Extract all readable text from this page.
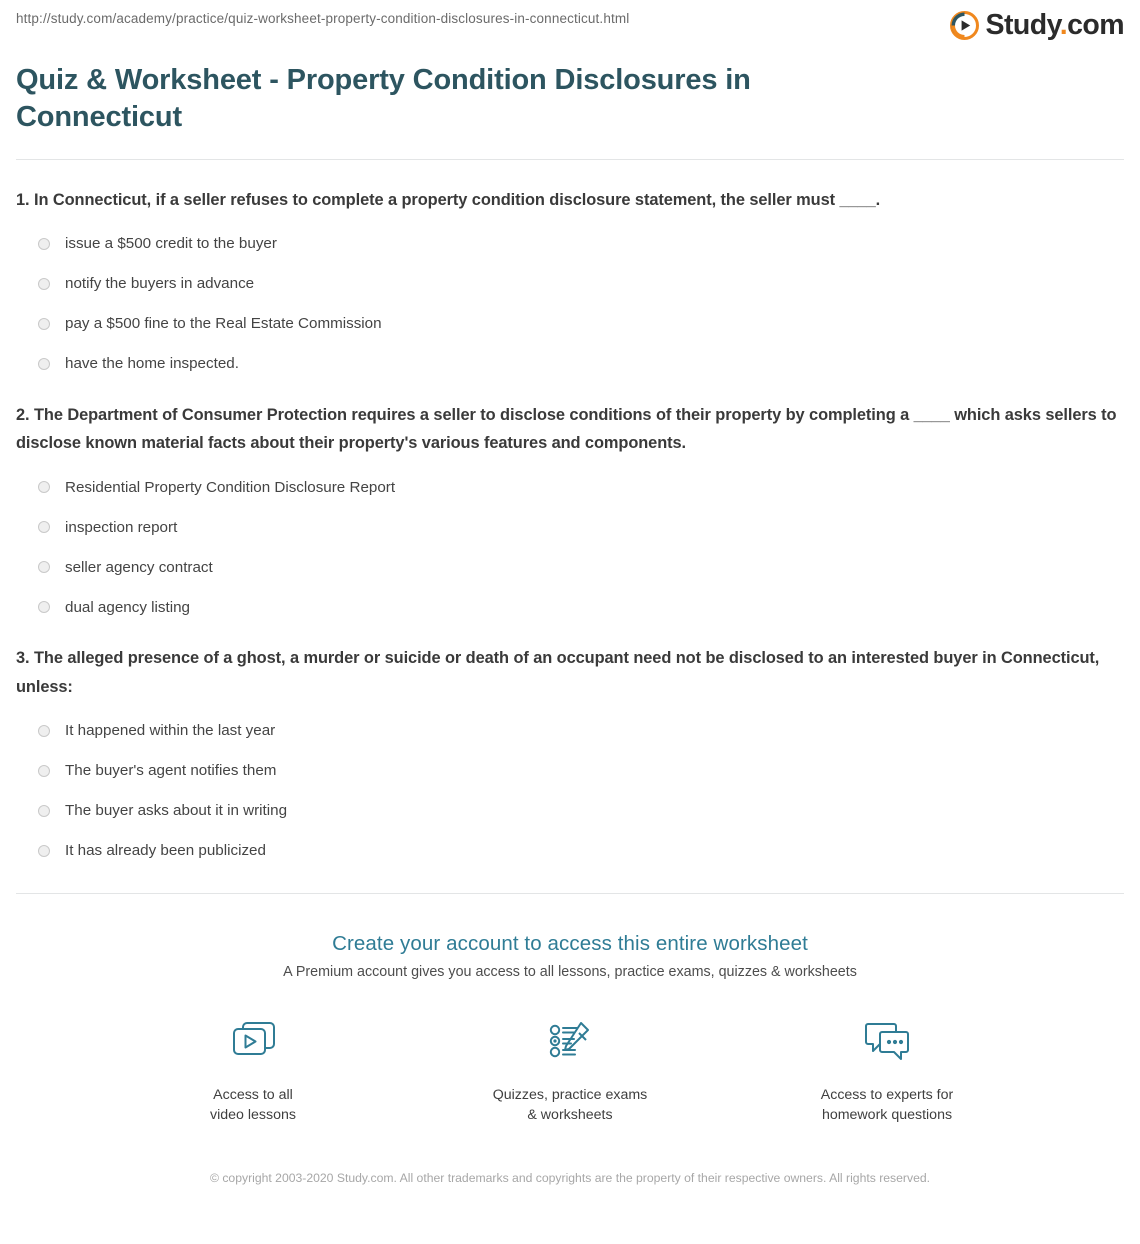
http://study.com/academy/practice/quiz-worksheet-property-condition-disclosures-in-connecticut.html	Study.com
Quiz & Worksheet - Property Condition Disclosures in Connecticut

1. In Connecticut, if a seller refuses to complete a property condition disclosure statement, the seller must ____.

issue a $500 credit to the buyer
notify the buyers in advance
pay a $500 fine to the Real Estate Commission
have the home inspected.

2. The Department of Consumer Protection requires a seller to disclose conditions of their property by completing a ____ which asks sellers to disclose known material facts about their property's various features and components.

Residential Property Condition Disclosure Report
inspection report
seller agency contract
dual agency listing

3. The alleged presence of a ghost, a murder or suicide or death of an occupant need not be disclosed to an interested buyer in Connecticut, unless:

It happened within the last year
The buyer's agent notifies them
The buyer asks about it in writing
It has already been publicized
Create your account to access this entire worksheet
A Premium account gives you access to all lessons, practice exams, quizzes & worksheets
Access to all
video lessons
Quizzes, practice exams
& worksheets
Access to experts for
homework questions
© copyright 2003-2020 Study.com. All other trademarks and copyrights are the property of their respective owners. All rights reserved.
